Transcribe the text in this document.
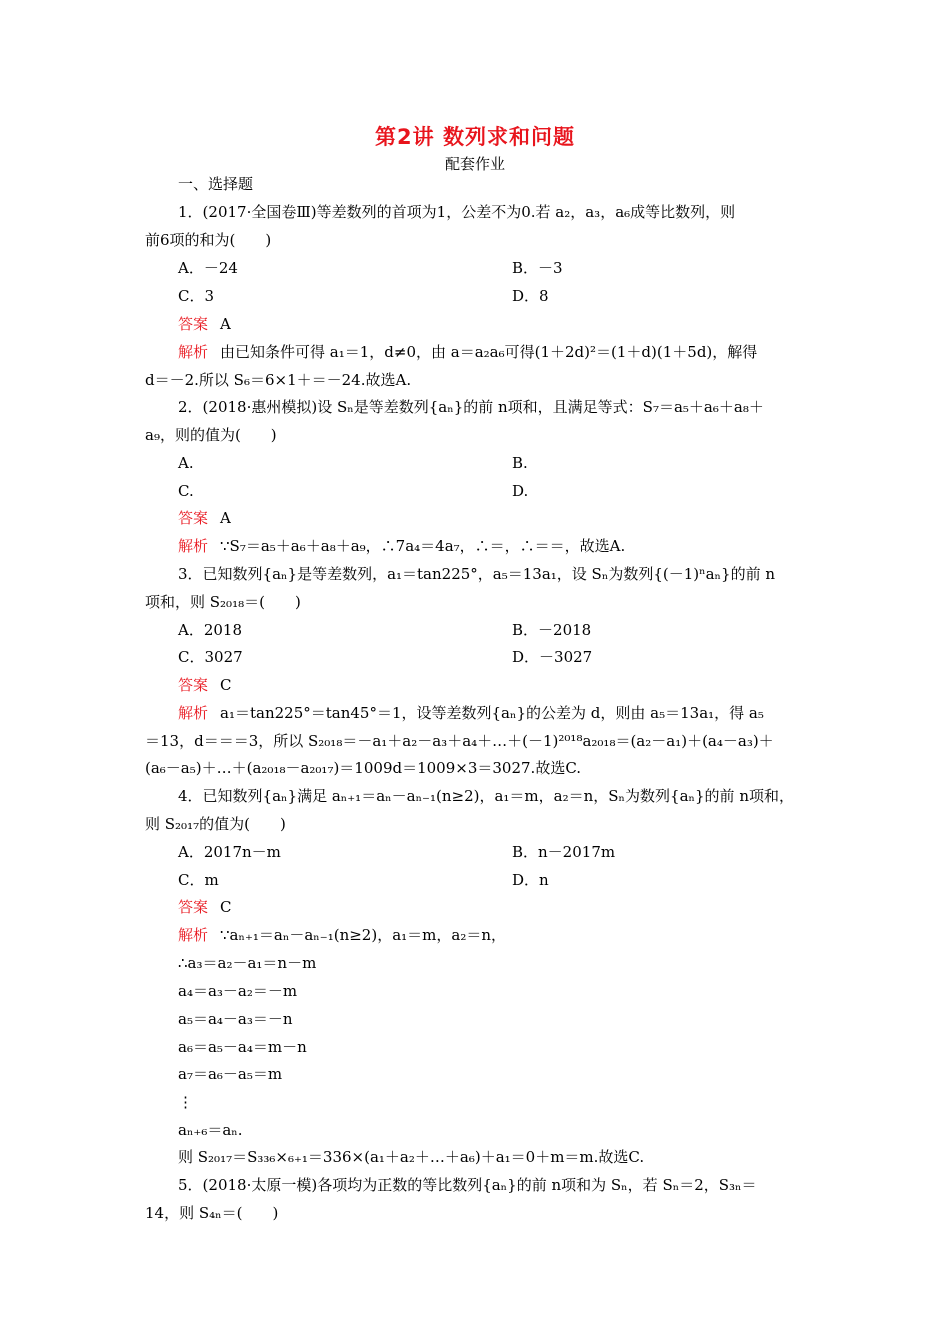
第2讲 数列求和问题
配套作业
一、选择题
1．(2017·全国卷Ⅲ)等差数列的首项为1，公差不为0.若 a₂，a₃，a₆成等比数列，则
前6项的和为(　　)
A．－24	B．－3
C．3	D．8
答案 A
解析 由已知条件可得 a₁＝1，d≠0，由 a＝a₂a₆可得(1＋2d)²＝(1＋d)(1＋5d)，解得
d＝－2.所以 S₆＝6×1＋＝－24.故选A.
2．(2018·惠州模拟)设 Sₙ是等差数列{aₙ}的前 n项和，且满足等式：S₇＝a₅＋a₆＋a₈＋
a₉，则的值为(　　)
A.	B.
C.	D.
答案 A
解析 ∵S₇＝a₅＋a₆＋a₈＋a₉，∴7a₄＝4a₇，∴＝，∴＝＝，故选A.
3．已知数列{aₙ}是等差数列，a₁＝tan225°，a₅＝13a₁，设 Sₙ为数列{(－1)ⁿaₙ}的前 n
项和，则 S₂₀₁₈＝(　　)
A．2018	B．－2018
C．3027	D．－3027
答案 C
解析 a₁＝tan225°＝tan45°＝1，设等差数列{aₙ}的公差为 d，则由 a₅＝13a₁，得 a₅
＝13，d＝＝＝3，所以 S₂₀₁₈＝－a₁＋a₂－a₃＋a₄＋…＋(－1)²⁰¹⁸a₂₀₁₈＝(a₂－a₁)＋(a₄－a₃)＋
(a₆－a₅)＋…＋(a₂₀₁₈－a₂₀₁₇)＝1009d＝1009×3＝3027.故选C.
4．已知数列{aₙ}满足 aₙ₊₁＝aₙ－aₙ₋₁(n≥2)，a₁＝m，a₂＝n，Sₙ为数列{aₙ}的前 n项和，
则 S₂₀₁₇的值为(　　)
A．2017n－m	B．n－2017m
C．m	D．n
答案 C
解析 ∵aₙ₊₁＝aₙ－aₙ₋₁(n≥2)，a₁＝m，a₂＝n，
∴a₃＝a₂－a₁＝n－m
a₄＝a₃－a₂＝－m
a₅＝a₄－a₃＝－n
a₆＝a₅－a₄＝m－n
a₇＝a₆－a₅＝m
⋮
aₙ₊₆＝aₙ.
则 S₂₀₁₇＝S₃₃₆×₆₊₁＝336×(a₁＋a₂＋…＋a₆)＋a₁＝0＋m＝m.故选C.
5．(2018·太原一模)各项均为正数的等比数列{aₙ}的前 n项和为 Sₙ，若 Sₙ＝2，S₃ₙ＝
14，则 S₄ₙ＝(　　)
